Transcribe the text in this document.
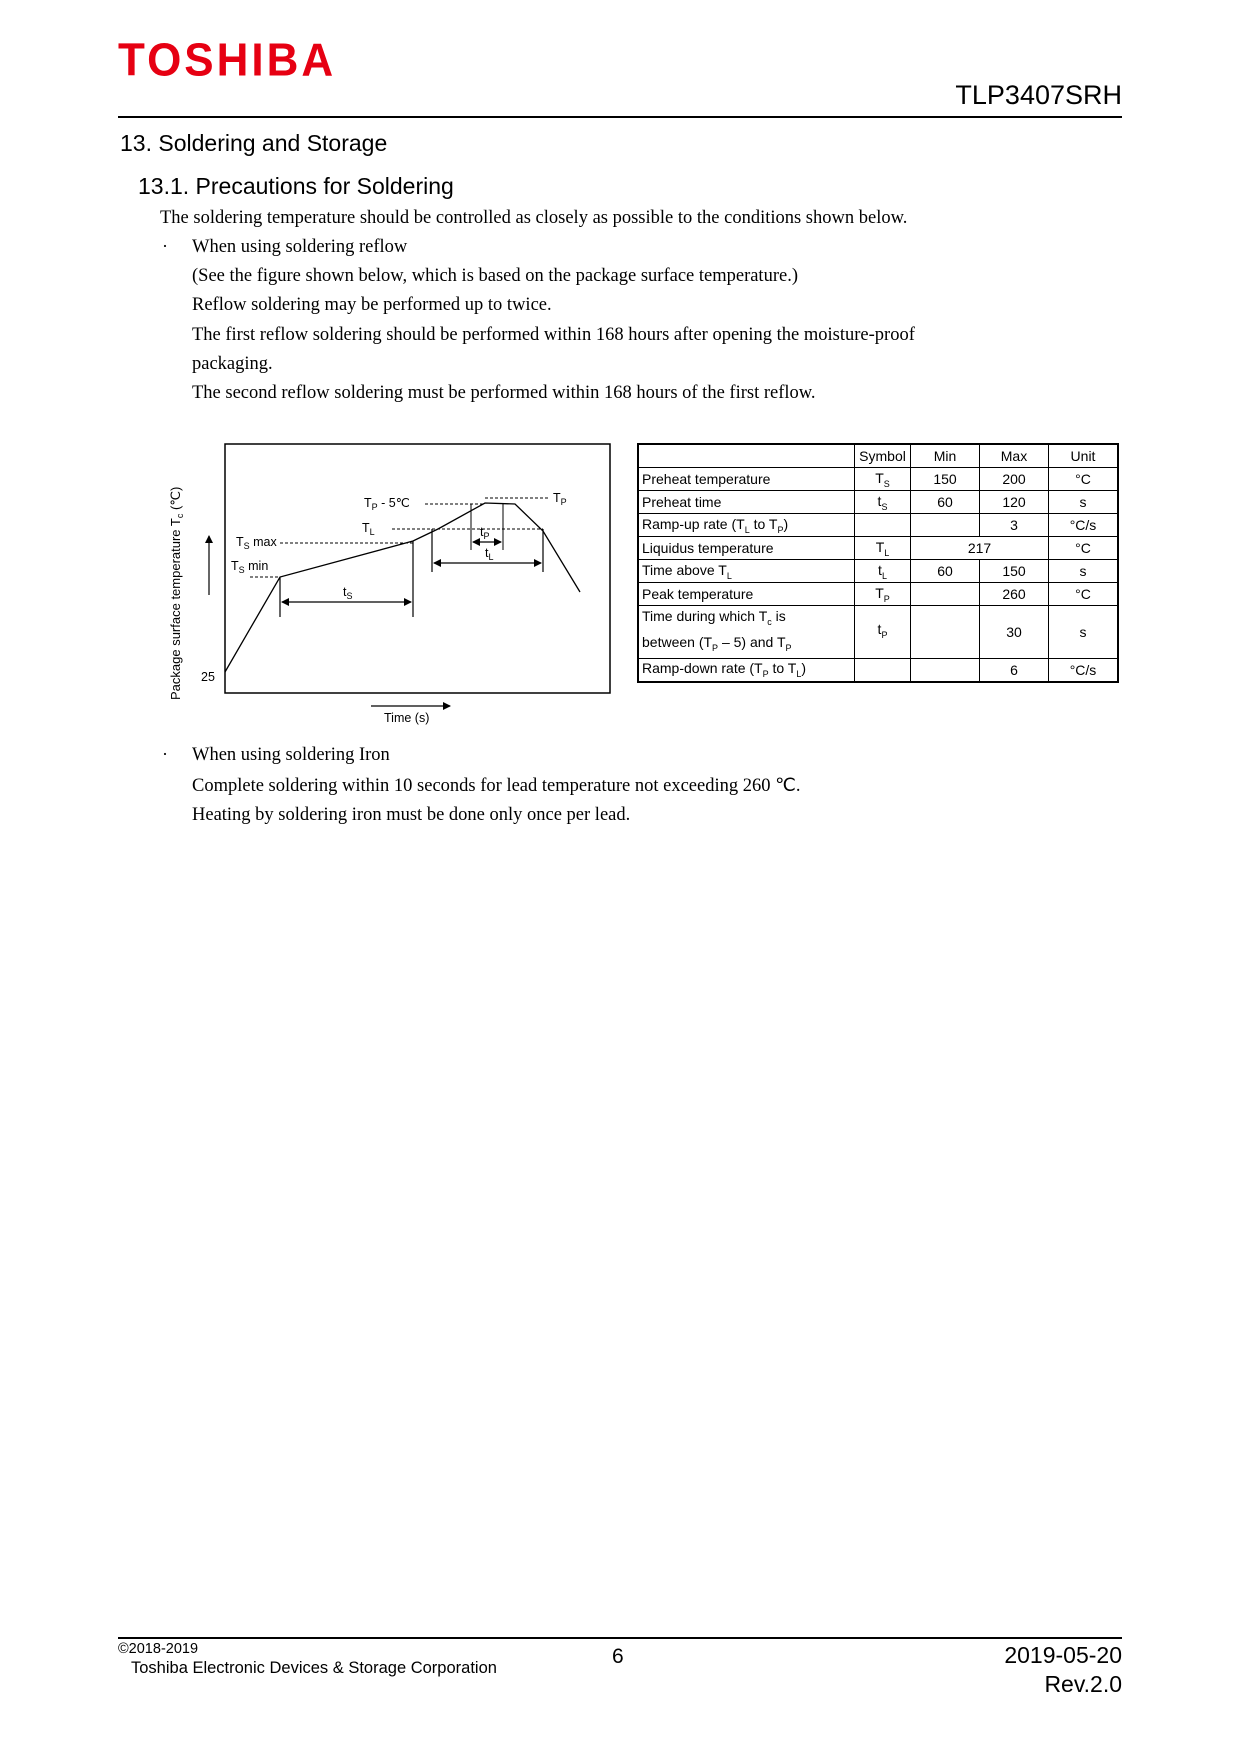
TOSHIBA
TLP3407SRH
13. Soldering and Storage
13.1. Precautions for Soldering
The soldering temperature should be controlled as closely as possible to the conditions shown below.
· When using soldering reflow
(See the figure shown below, which is based on the package surface temperature.)
Reflow soldering may be performed up to twice.
The first reflow soldering should be performed within 168 hours after opening the moisture-proof
packaging.
The second reflow soldering must be performed within 168 hours of the first reflow.
Package surface temperature $T_c$ (℃)
25
Time (s)
$T_P$ - 5℃	$T_P$
$T_L$
$T_S$ max
$T_S$ min
$t_P$
$t_L$
$t_S$
	Symbol	Min	Max	Unit
Preheat temperature	$T_S$	150	200	°C
Preheat time	$t_S$	60	120	s
Ramp-up rate ($T_L$ to $T_P$)			3	°C/s
Liquidus temperature	$T_L$	217		°C
Time above $T_L$	$t_L$	60	150	s
Peak temperature	$T_P$		260	°C
Time during which $T_c$ is
between $(T_P - 5)$ and $T_P$	$t_P$		30	s
Ramp-down rate ($T_P$ to $T_L$)			6	°C/s
· When using soldering Iron
Complete soldering within 10 seconds for lead temperature not exceeding 260 ℃.
Heating by soldering iron must be done only once per lead.
©2018-2019
Toshiba Electronic Devices & Storage Corporation	6	2019-05-20
Rev.2.0
